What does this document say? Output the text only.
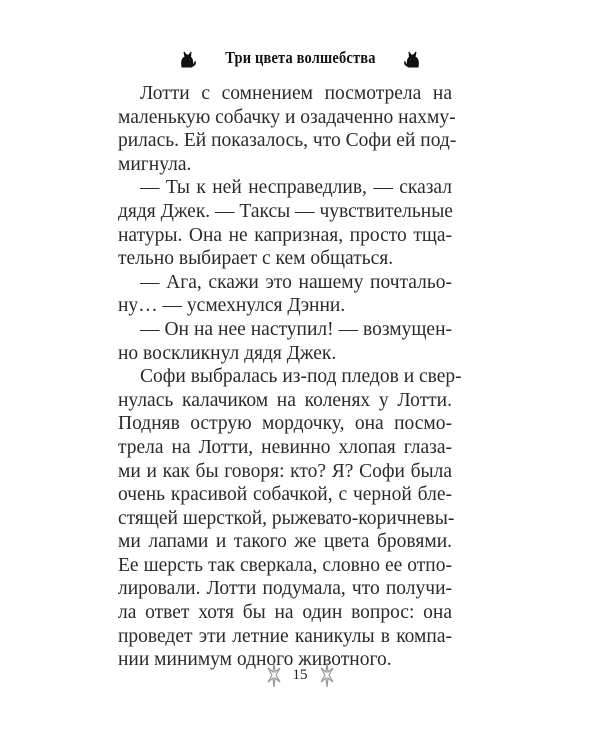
Три цвета волшебства
Лотти с сомнением посмотрела на
маленькую собачку и озадаченно нахму-
рилась. Ей показалось, что Софи ей под-
мигнула.
— Ты к ней несправедлив, — сказал
дядя Джек. — Таксы — чувствительные
натуры. Она не капризная, просто тща-
тельно выбирает с кем общаться.
— Ага, скажи это нашему почтальо-
ну… — усмехнулся Дэнни.
— Он на нее наступил! — возмущен-
но воскликнул дядя Джек.
Софи выбралась из-под пледов и свер-
нулась калачиком на коленях у Лотти.
Подняв острую мордочку, она посмо-
трела на Лотти, невинно хлопая глаза-
ми и как бы говоря: кто? Я? Софи была
очень красивой собачкой, с черной бле-
стящей шерсткой, рыжевато-коричневы-
ми лапами и такого же цвета бровями.
Ее шерсть так сверкала, словно ее отпо-
лировали. Лотти подумала, что получи-
ла ответ хотя бы на один вопрос: она
проведет эти летние каникулы в компа-
нии минимум одного животного.
15
